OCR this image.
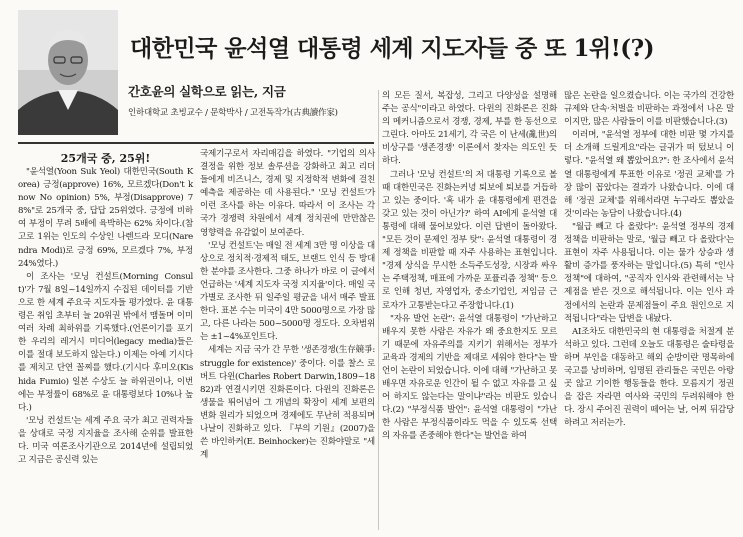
대한민국 윤석열 대통령 세계 지도자들 중 또 1위!(?)
간호윤의 실학으로 읽는, 지금
인하대학교 초빙교수 / 문학박사 / 고전독작가(古典讀作家)
25개국 중, 25위!

"윤석열(Yoon Suk Yeol) 대한민국(South Korea) 긍정(approve) 16%, 모르겠다(Don't know No opinion) 5%, 부정(Disapprove) 78%"로 25개국 중, 답답 25위였다. 긍정에 비하여 부정이 무려 5배에 육박하는 62% 차이다.(참고로 1위는 인도의 수상인 나렌드라 모디(Narendra Modi)로 긍정 69%, 모르겠다 7%, 부정 24%였다.)

이 조사는 '모닝 컨설트(Morning Consult)'가 7월 8일~14일까지 수집된 데이터를 기반으로 한 세계 주요국 지도자들 평가였다. 윤 대통령은 취임 초부터 늘 20위권 밖에서 맴돌며 이미 여러 차례 최하위를 기록했다.(언론이기를 포기한 우리의 레거시 미디어(legacy media)들은 이를 절대 보도하지 않는다.) 이제는 아예 기시다를 제치고 단연 꼴찌를 했다.(기시다 후미오(Kishida Fumio) 일본 수상도 늘 하위권이나, 이번에는 부정률이 68%로 윤 대통령보다 10%나 높다.)

'모닝 컨설트'는 세계 주요 국가 최고 권력자들을 상대로 국정 지지율을 조사해 순위를 발표한다. 미국 여론조사기관으로 2014년에 설립되었고 지금은 공신력 있는

국제기구로서 자리매김을 하였다. "기업의 의사결정을 위한 정보 솔루션을 강화하고 최고 리더들에게 비즈니스, 경제 및 지정학적 변화에 걸친 예측을 제공하는 데 사용된다." '모닝 컨설트'가 이런 조사를 하는 이유다. 따라서 이 조사는 각 국가 경쟁력 차원에서 세계 정치권에 만만찮은 영향력을 유감없이 보여준다.

'모닝 컨설트'는 매일 전 세계 3만 명 이상을 대상으로 정치적·경제적 태도, 브랜드 인식 등 방대한 분야를 조사한다. 그중 하나가 바로 이 글에서 언급하는 '세계 지도자 국정 지지율'이다. 매일 국가별로 조사한 뒤 일주일 평균을 내서 매주 발표한다. 표본 수는 미국이 4만 5000명으로 가장 많고, 다른 나라는 500~5000명 정도다. 오차범위는 ±1~4%포인트다.

세계는 지금 국가 간 무한 '생존경쟁(生存競爭:struggle for existence)' 중이다. 이를 찰스 로버트 다윈(Charles Robert Darwin,1809~1882)과 연결시키면 진화론이다. 다윈의 진화론은 생물을 뛰어넘어 그 개념의 확장이 세계 보편의 변화 원리가 되었으며 경제에도 무난히 적용되며 나날이 진화하고 있다. 『부의 기원』(2007)을 쓴 바인하커(E. Beinhocker)는 진화야말로 "세계

의 모든 질서, 복잡성, 그리고 다양성을 설명해 주는 공식"이라고 하였다. 다윈의 진화론은 진화의 메커니즘으로서 경쟁, 경제, 부를 한 동선으로 그린다. 아마도 21세기, 각 국은 이 난세(亂世)의 비상구를 '생존경쟁' 이론에서 찾자는 의도인 듯하다.

그러나 '모닝 컨설트'의 저 대통령 기록으로 볼 때 대한민국은 진화는커녕 퇴보에 퇴보를 거듭하고 있는 중이다. '혹 내가 윤 대통령에게 편견을 갖고 있는 것이 아닌가?' 하여 AI에게 윤석열 대통령에 대해 물어보았다. 이런 답변이 돌아왔다. "모든 것이 문제인 정부 탓": 윤석열 대통령이 경제 정책을 비판할 때 자주 사용하는 표현입니다. "경제 상식을 무시한 소득주도성장, 시장과 싸우는 주택정책, 매표에 가까운 포퓰리즘 정책" 등으로 인해 청년, 자영업자, 중소기업인, 저임금 근로자가 고통받는다고 주장합니다.(1)

"자유 발언 논란": 윤석열 대통령이 "가난하고 배우지 못한 사람은 자유가 왜 중요한지도 모르기 때문에 자유주의를 지키기 위해서는 정부가 교육과 경제의 기반을 제대로 세워야 한다"는 발언이 논란이 되었습니다. 이에 대해 "가난하고 못 배우면 자유로운 인간이 될 수 없고 자유를 고 싶어 하지도 않는다는 말이냐"라는 비판도 있습니다.(2) "부정식품 발언": 윤석열 대통령이 "가난한 사람은 부정식품이라도 먹을 수 있도록 선택의 자유를 존중해야 한다"는 발언을 하여

많은 논란을 일으켰습니다. 이는 국가의 건강한 규제와 단속·처벌을 비판하는 과정에서 나온 말이지만, 많은 사람들이 이를 비판했습니다.(3)

이러며, "윤석열 정부에 대한 비판 몇 가지를 더 소개해 드릴게요"라는 글귀가 떠 텄보니 이렇다. "윤석열 왜 뽑았어요?": 한 조사에서 윤석열 대통령에게 투표한 이유로 '정권 교체'를 가장 많이 꼽았다는 결과가 나왔습니다. 이에 대해 '정권 교체'를 위해서라면 누구라도 뽑았을 것'이라는 농담이 나왔습니다.(4)

"월급 빼고 다 올랐다": 윤석열 정부의 경제 정책을 비판하는 말로, '월급 빼고 다 올랐다'는 표현이 자주 사용됩니다. 이는 물가 상승과 생활비 증가를 풍자하는 말입니다.(5) 특히 "인사 정책"에 대하여, "공직자 인사와 관련해서는 낙제점을 받은 것으로 해석됩니다. 이는 인사 과정에서의 논란과 문제점들이 주요 원인으로 지적됩니다"라는 답변을 내놨다.

AI조차도 대한민국의 현 대통령을 처절게 분석하고 있다. 그런데 오늘도 대통령은 술타령을 하며 부인을 대동하고 해외 순방이란 명목하에 국고를 낭비하며, 임명된 관리들은 국민은 아랑곳 않고 기이한 행동들을 한다. 모름지기 정권을 잡은 자라면 여사와 국민의 두려워해야 한다. 장시 주어진 권력이 떼어는 날, 어찌 뒤감당하려고 저러는가.
